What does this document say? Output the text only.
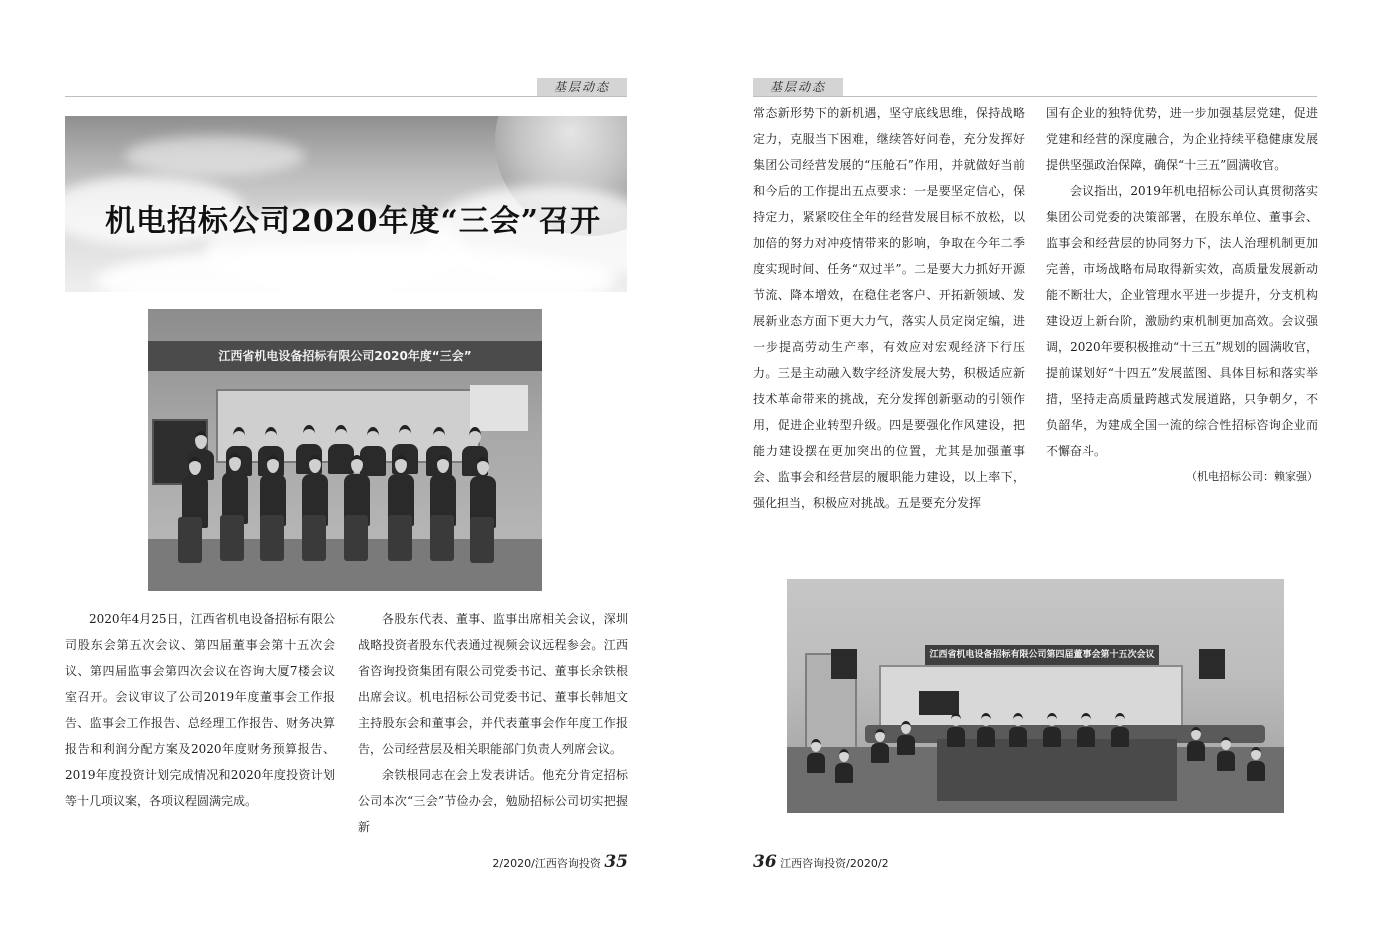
基层动态
机电招标公司2020年度“三会”召开
江西省机电设备招标有限公司2020年度“三会”

2020年4月25日，江西省机电设备招标有限公司股东会第五次会议、第四届董事会第十五次会议、第四届监事会第四次会议在咨询大厦7楼会议室召开。会议审议了公司2019年度董事会工作报告、监事会工作报告、总经理工作报告、财务决算报告和利润分配方案及2020年度财务预算报告、2019年度投资计划完成情况和2020年度投资计划等十几项议案，各项议程圆满完成。

各股东代表、董事、监事出席相关会议，深圳战略投资者股东代表通过视频会议远程参会。江西省咨询投资集团有限公司党委书记、董事长余铁根出席会议。机电招标公司党委书记、董事长韩旭文主持股东会和董事会，并代表董事会作年度工作报告，公司经营层及相关职能部门负责人列席会议。

余铁根同志在会上发表讲话。他充分肯定招标公司本次“三会”节俭办会，勉励招标公司切实把握新

2/2020/江西咨询投资 35
基层动态

常态新形势下的新机遇，坚守底线思维，保持战略定力，克服当下困难，继续答好问卷，充分发挥好集团公司经营发展的“压舱石”作用，并就做好当前和今后的工作提出五点要求：一是要坚定信心，保持定力，紧紧咬住全年的经营发展目标不放松，以加倍的努力对冲疫情带来的影响，争取在今年二季度实现时间、任务“双过半”。二是要大力抓好开源节流、降本增效，在稳住老客户、开拓新领域、发展新业态方面下更大力气，落实人员定岗定编，进一步提高劳动生产率，有效应对宏观经济下行压力。三是主动融入数字经济发展大势，积极适应新技术革命带来的挑战，充分发挥创新驱动的引领作用，促进企业转型升级。四是要强化作风建设，把能力建设摆在更加突出的位置，尤其是加强董事会、监事会和经营层的履职能力建设，以上率下，强化担当，积极应对挑战。五是要充分发挥

国有企业的独特优势，进一步加强基层党建，促进党建和经营的深度融合，为企业持续平稳健康发展提供坚强政治保障，确保“十三五”圆满收官。

会议指出，2019年机电招标公司认真贯彻落实集团公司党委的决策部署，在股东单位、董事会、监事会和经营层的协同努力下，法人治理机制更加完善，市场战略布局取得新实效，高质量发展新动能不断壮大，企业管理水平进一步提升，分支机构建设迈上新台阶，激励约束机制更加高效。会议强调，2020年要积极推动“十三五”规划的圆满收官，提前谋划好“十四五”发展蓝图、具体目标和落实举措，坚持走高质量跨越式发展道路，只争朝夕，不负韶华，为建成全国一流的综合性招标咨询企业而不懈奋斗。

（机电招标公司：赖家强）

江西省机电设备招标有限公司第四届董事会第十五次会议
36 江西咨询投资/2020/2
